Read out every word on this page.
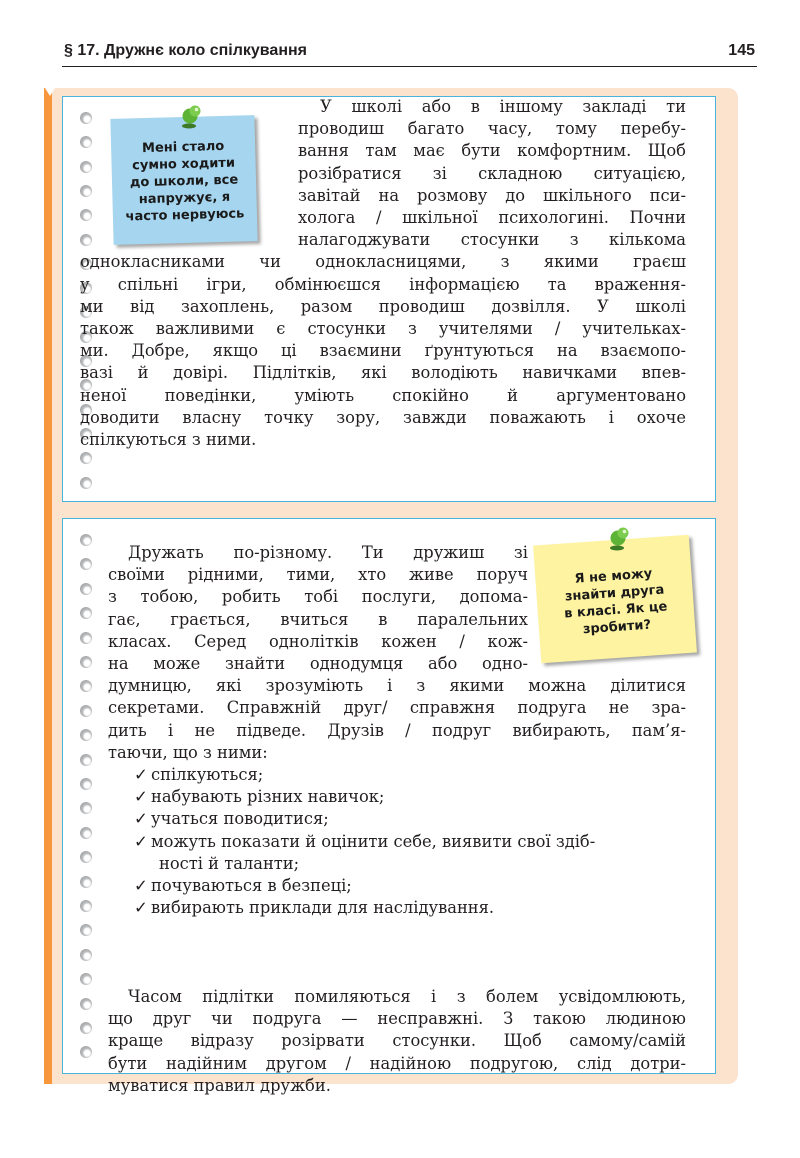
§ 17. Дружнє коло спілкування	145
Мені стало
сумно ходити
до школи, все
напружує, я
часто нервуюсь
У школі або в іншому закладі ти
проводиш багато часу, тому перебу-
вання там має бути комфортним. Щоб
розібратися зі складною ситуацією,
завітай на розмову до шкільного пси-
холога / шкільної психологині. Почни
налагоджувати стосунки з кількома
однокласниками чи однокласницями, з якими граєш
у спільні ігри, обмінюєшся інформацією та враження-
ми від захоплень, разом проводиш дозвілля. У школі
також важливими є стосунки з учителями / учительках-
ми. Добре, якщо ці взаємини ґрунтуються на взаємопо-
вазі й довірі. Підлітків, які володіють навичками впев-
неної поведінки, уміють спокійно й аргументовано
доводити власну точку зору, завжди поважають і охоче
спілкуються з ними.
Я не можу
знайти друга
в класі. Як це
зробити?
Дружать по-різному. Ти дружиш зі
своїми рідними, тими, хто живе поруч
з тобою, робить тобі послуги, допома-
гає, грається, вчиться в паралельних
класах. Серед однолітків кожен / кож-
на може знайти однодумця або одно-
думницю, які зрозуміють і з якими можна ділитися
секретами. Справжній друг/ справжня подруга не зра-
дить і не підведе. Друзів / подруг вибирають, пам’я-
таючи, що з ними:
✓ спілкуються;
✓ набувають різних навичок;
✓ учаться поводитися;
✓ можуть показати й оцінити себе, виявити свої здіб-
ності й таланти;
✓ почуваються в безпеці;
✓ вибирають приклади для наслідування.
Часом підлітки помиляються і з болем усвідомлюють,
що друг чи подруга — несправжні. З такою людиною
краще відразу розірвати стосунки. Щоб самому/самій
бути надійним другом / надійною подругою, слід дотри-
муватися правил дружби.
